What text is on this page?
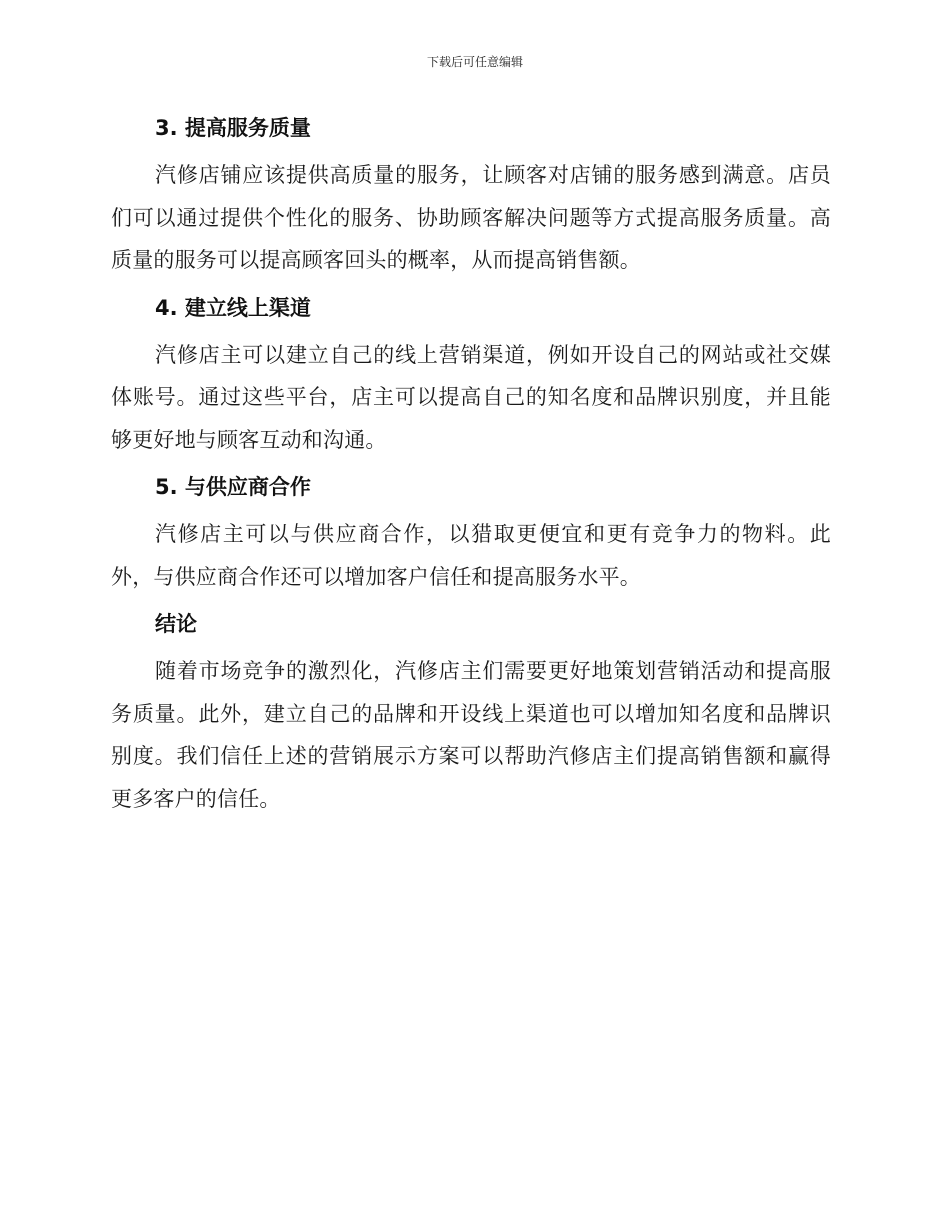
下载后可任意编辑
3. 提高服务质量

汽修店铺应该提供高质量的服务，让顾客对店铺的服务感到满意。店员们可以通过提供个性化的服务、协助顾客解决问题等方式提高服务质量。高质量的服务可以提高顾客回头的概率，从而提高销售额。

4. 建立线上渠道

汽修店主可以建立自己的线上营销渠道，例如开设自己的网站或社交媒体账号。通过这些平台，店主可以提高自己的知名度和品牌识别度，并且能够更好地与顾客互动和沟通。

5. 与供应商合作

汽修店主可以与供应商合作，以猎取更便宜和更有竞争力的物料。此外，与供应商合作还可以增加客户信任和提高服务水平。

结论

随着市场竞争的激烈化，汽修店主们需要更好地策划营销活动和提高服务质量。此外，建立自己的品牌和开设线上渠道也可以增加知名度和品牌识别度。我们信任上述的营销展示方案可以帮助汽修店主们提高销售额和赢得更多客户的信任。
